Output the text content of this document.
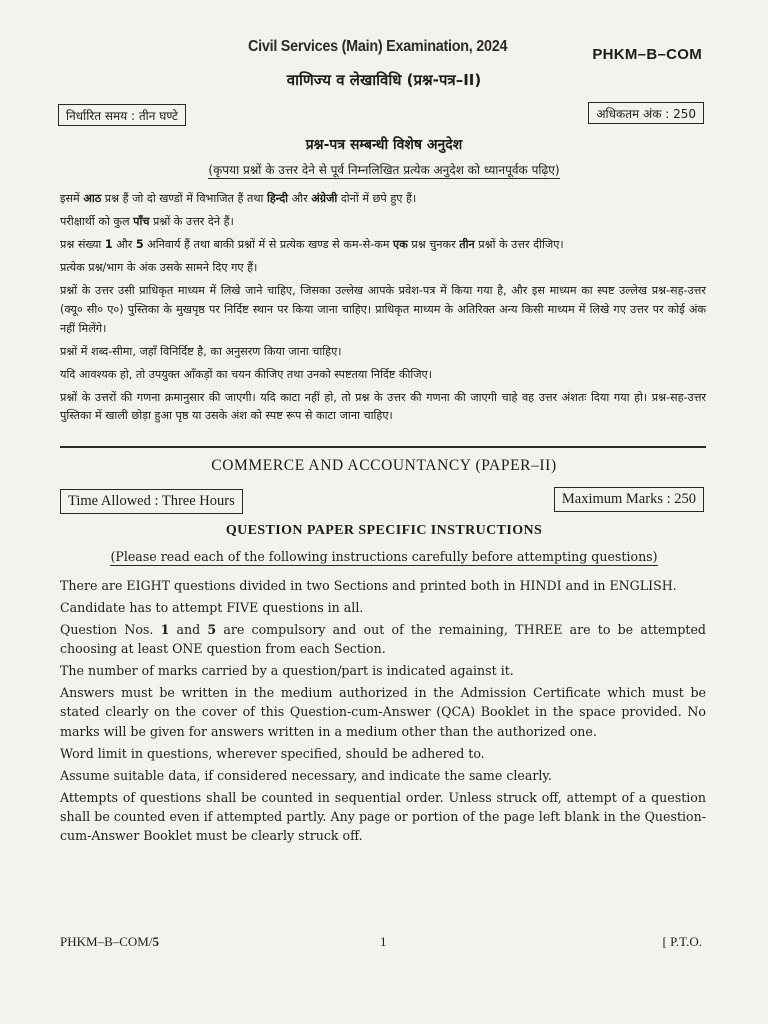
Civil Services (Main) Examination, 2024	PHKM–B–COM
वाणिज्य व लेखाविधि (प्रश्न-पत्र–II)
निर्धारित समय : तीन घण्टे	अधिकतम अंक : 250
प्रश्न-पत्र सम्बन्धी विशेष अनुदेश
(कृपया प्रश्नों के उत्तर देने से पूर्व निम्नलिखित प्रत्येक अनुदेश को ध्यानपूर्वक पढ़िए)

इसमें आठ प्रश्न हैं जो दो खण्डों में विभाजित हैं तथा हिन्दी और अंग्रेजी दोनों में छपे हुए हैं।

परीक्षार्थी को कुल पाँच प्रश्नों के उत्तर देने हैं।

प्रश्न संख्या 1 और 5 अनिवार्य हैं तथा बाकी प्रश्नों में से प्रत्येक खण्ड से कम-से-कम एक प्रश्न चुनकर तीन प्रश्नों के उत्तर दीजिए।

प्रत्येक प्रश्न/भाग के अंक उसके सामने दिए गए हैं।

प्रश्नों के उत्तर उसी प्राधिकृत माध्यम में लिखे जाने चाहिए, जिसका उल्लेख आपके प्रवेश-पत्र में किया गया है, और इस माध्यम का स्पष्ट उल्लेख प्रश्न-सह-उत्तर (क्यू० सी० ए०) पुस्तिका के मुखपृष्ठ पर निर्दिष्ट स्थान पर किया जाना चाहिए। प्राधिकृत माध्यम के अतिरिक्त अन्य किसी माध्यम में लिखे गए उत्तर पर कोई अंक नहीं मिलेंगे।

प्रश्नों में शब्द-सीमा, जहाँ विनिर्दिष्ट है, का अनुसरण किया जाना चाहिए।

यदि आवश्यक हो, तो उपयुक्त आँकड़ों का चयन कीजिए तथा उनको स्पष्टतया निर्दिष्ट कीजिए।

प्रश्नों के उत्तरों की गणना क्रमानुसार की जाएगी। यदि काटा नहीं हो, तो प्रश्न के उत्तर की गणना की जाएगी चाहे वह उत्तर अंशतः दिया गया हो। प्रश्न-सह-उत्तर पुस्तिका में खाली छोड़ा हुआ पृष्ठ या उसके अंश को स्पष्ट रूप से काटा जाना चाहिए।

COMMERCE AND ACCOUNTANCY (PAPER–II)
Time Allowed : Three Hours	Maximum Marks : 250
QUESTION PAPER SPECIFIC INSTRUCTIONS
(Please read each of the following instructions carefully before attempting questions)

There are EIGHT questions divided in two Sections and printed both in HINDI and in ENGLISH.

Candidate has to attempt FIVE questions in all.

Question Nos. 1 and 5 are compulsory and out of the remaining, THREE are to be attempted choosing at least ONE question from each Section.

The number of marks carried by a question/part is indicated against it.

Answers must be written in the medium authorized in the Admission Certificate which must be stated clearly on the cover of this Question-cum-Answer (QCA) Booklet in the space provided. No marks will be given for answers written in a medium other than the authorized one.

Word limit in questions, wherever specified, should be adhered to.

Assume suitable data, if considered necessary, and indicate the same clearly.

Attempts of questions shall be counted in sequential order. Unless struck off, attempt of a question shall be counted even if attempted partly. Any page or portion of the page left blank in the Question-cum-Answer Booklet must be clearly struck off.

PHKM–B–COM/5	1	[ P.T.O.
